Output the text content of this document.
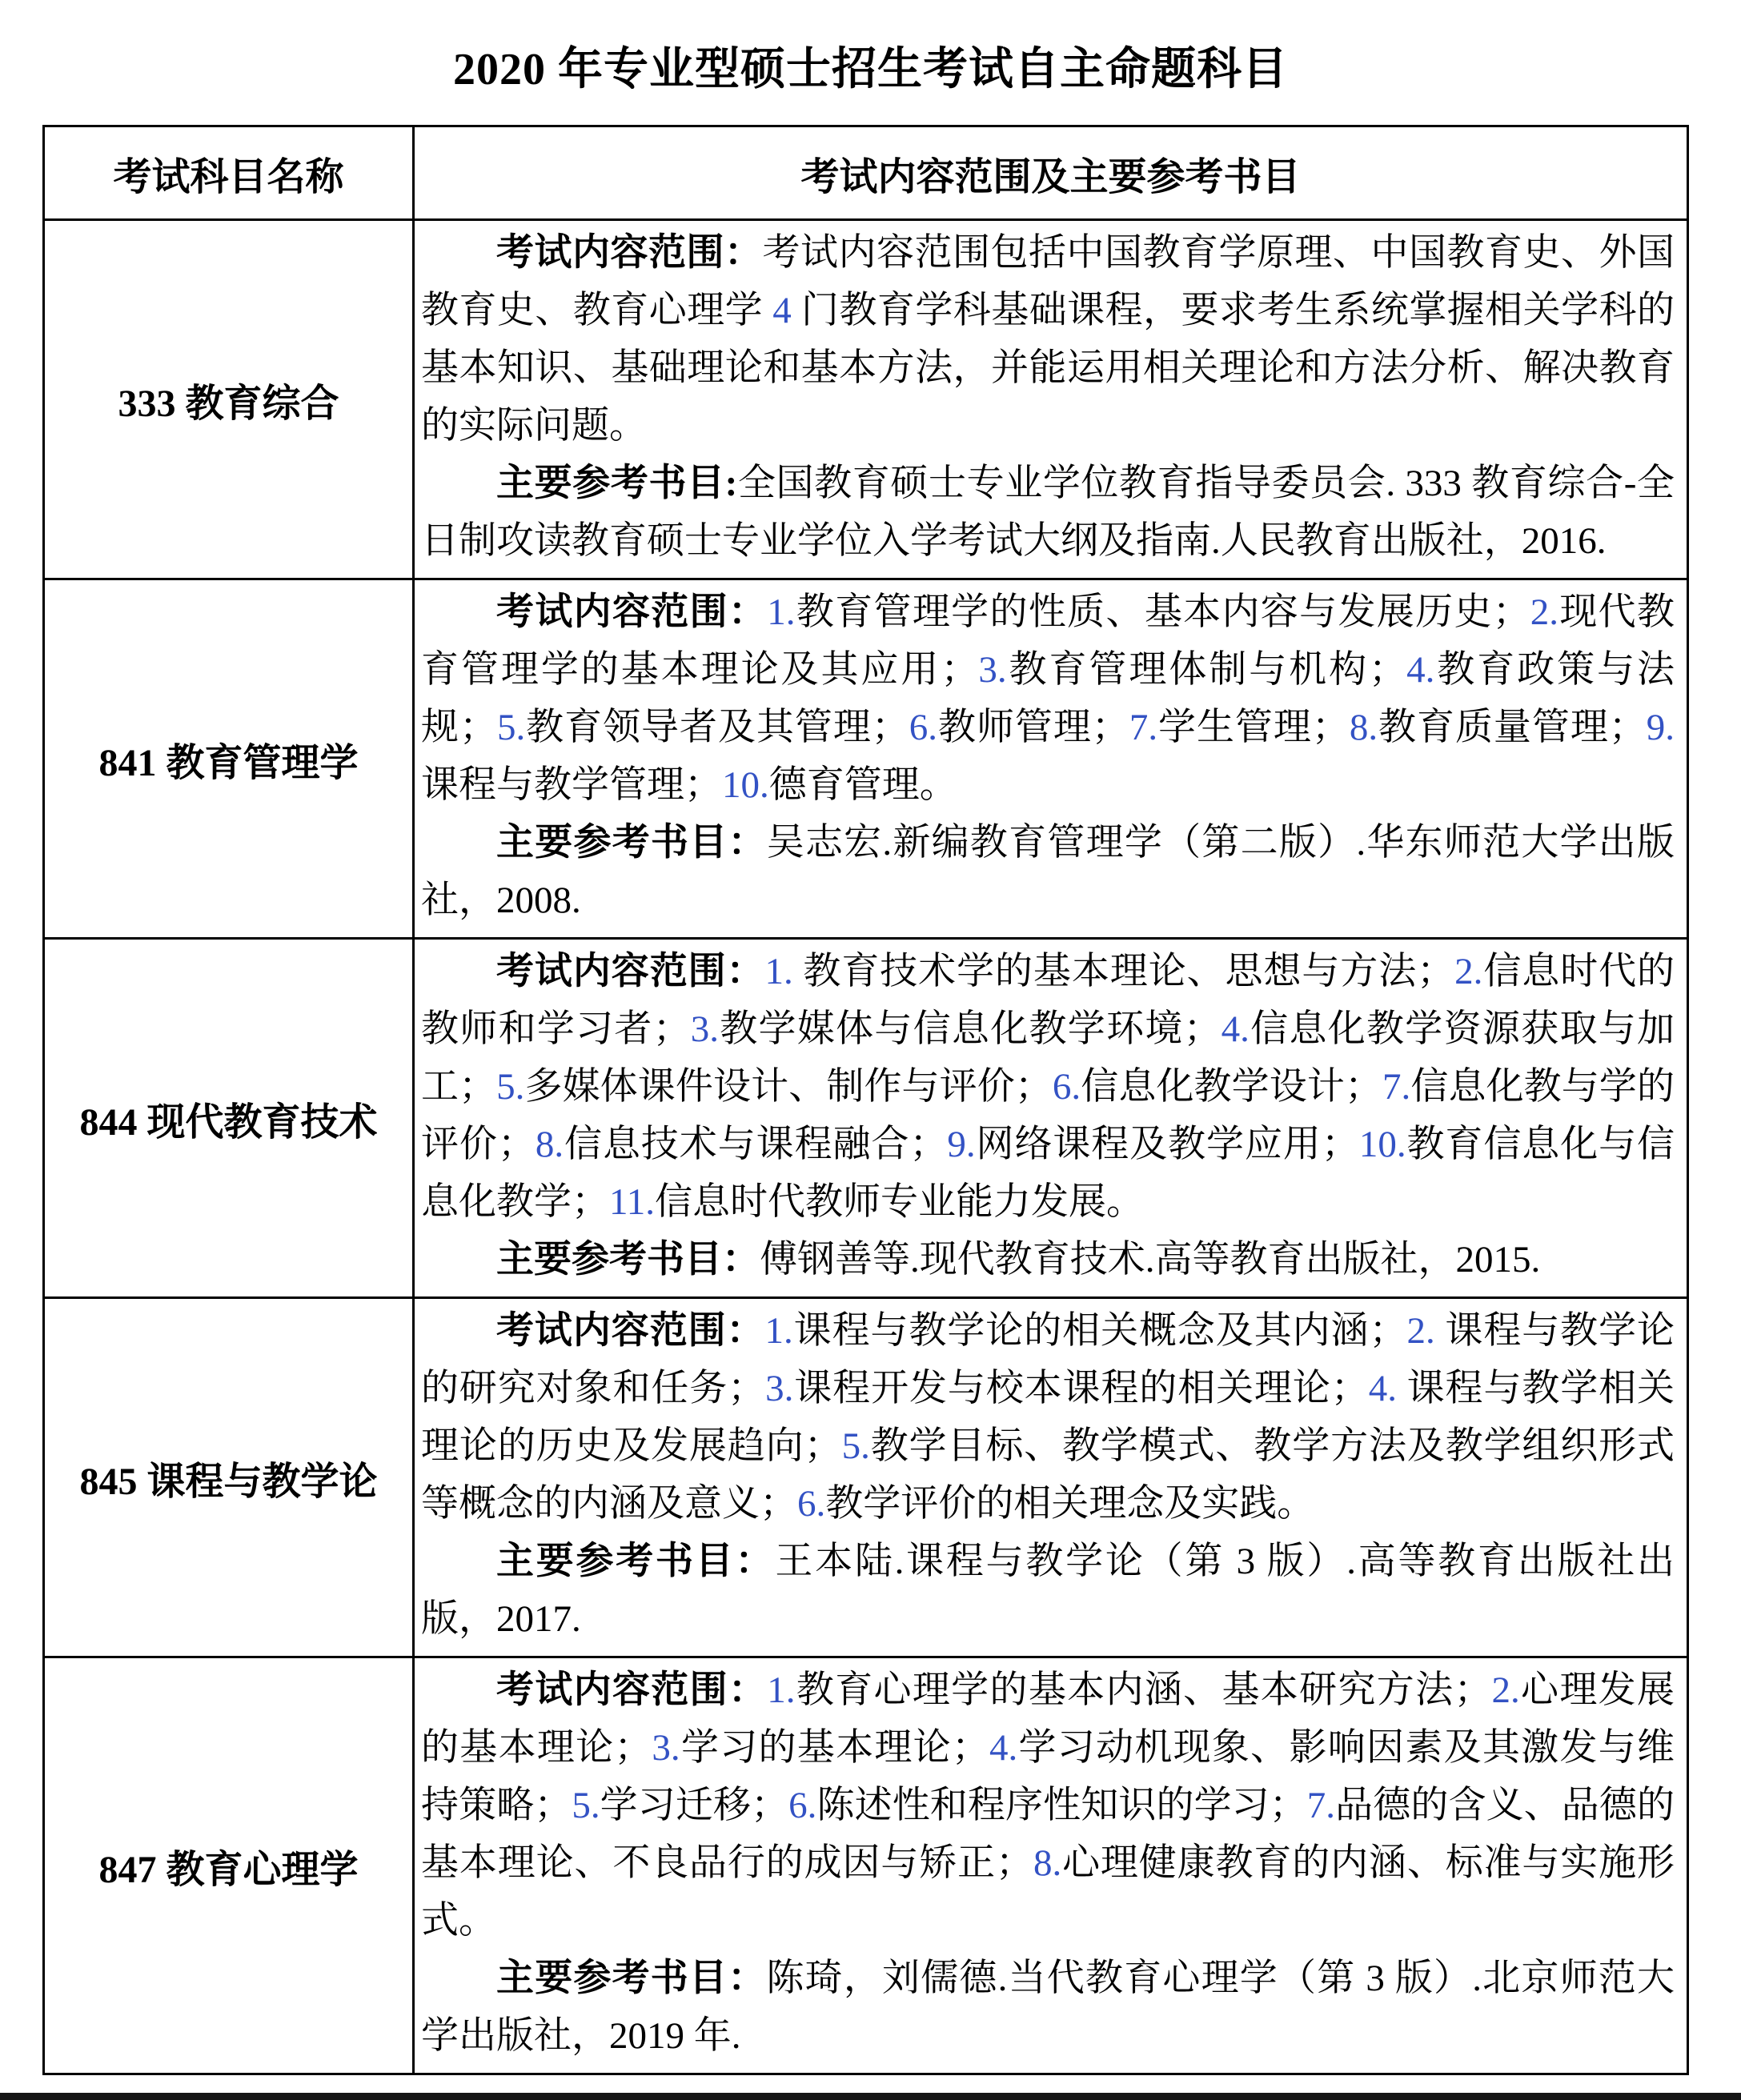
2020 年专业型硕士招生考试自主命题科目
考试科目名称	考试内容范围及主要参考书目
333 教育综合	考试内容范围：考试内容范围包括中国教育学原理、中国教育史、外国教育史、教育心理学 4 门教育学科基础课程，要求考生系统掌握相关学科的基本知识、基础理论和基本方法，并能运用相关理论和方法分析、解决教育的实际问题。

主要参考书目:全国教育硕士专业学位教育指导委员会. 333 教育综合-全日制攻读教育硕士专业学位入学考试大纲及指南.人民教育出版社，2016.

841 教育管理学	考试内容范围：1.教育管理学的性质、基本内容与发展历史；2.现代教育管理学的基本理论及其应用；3.教育管理体制与机构；4.教育政策与法规；5.教育领导者及其管理；6.教师管理；7.学生管理；8.教育质量管理；9.课程与教学管理；10.德育管理。

主要参考书目：吴志宏.新编教育管理学（第二版）.华东师范大学出版社，2008.

844 现代教育技术	考试内容范围：1. 教育技术学的基本理论、思想与方法；2.信息时代的教师和学习者；3.教学媒体与信息化教学环境；4.信息化教学资源获取与加工；5.多媒体课件设计、制作与评价；6.信息化教学设计；7.信息化教与学的评价；8.信息技术与课程融合；9.网络课程及教学应用；10.教育信息化与信息化教学；11.信息时代教师专业能力发展。

主要参考书目：傅钢善等.现代教育技术.高等教育出版社，2015.

845 课程与教学论	考试内容范围：1.课程与教学论的相关概念及其内涵；2. 课程与教学论的研究对象和任务；3.课程开发与校本课程的相关理论；4. 课程与教学相关理论的历史及发展趋向；5.教学目标、教学模式、教学方法及教学组织形式等概念的内涵及意义；6.教学评价的相关理念及实践。

主要参考书目：王本陆.课程与教学论（第 3 版）.高等教育出版社出版，2017.

847 教育心理学	考试内容范围：1.教育心理学的基本内涵、基本研究方法；2.心理发展的基本理论；3.学习的基本理论；4.学习动机现象、影响因素及其激发与维持策略；5.学习迁移；6.陈述性和程序性知识的学习；7.品德的含义、品德的基本理论、不良品行的成因与矫正；8.心理健康教育的内涵、标准与实施形式。

主要参考书目：陈琦，刘儒德.当代教育心理学（第 3 版）.北京师范大学出版社，2019 年.
